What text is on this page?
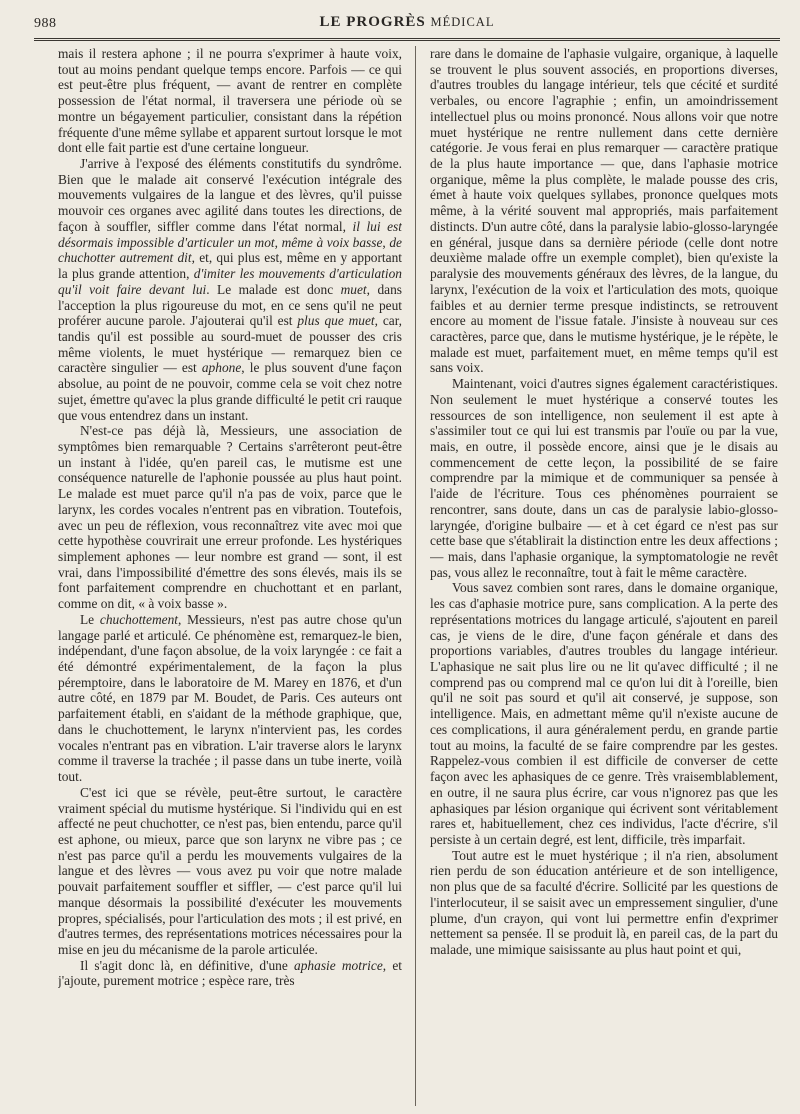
988	LE PROGRÈS MÉDICAL

mais il restera aphone ; il ne pourra s'exprimer à haute voix, tout au moins pendant quelque temps encore. Parfois — ce qui est peut-être plus fréquent, — avant de rentrer en complète possession de l'état normal, il traversera une période où se montre un bégayement particulier, consistant dans la répétion fréquente d'une même syllabe et apparent surtout lorsque le mot dont elle fait partie est d'une certaine longueur.

J'arrive à l'exposé des éléments constitutifs du syndrôme. Bien que le malade ait conservé l'exécution intégrale des mouvements vulgaires de la langue et des lèvres, qu'il puisse mouvoir ces organes avec agilité dans toutes les directions, de façon à souffler, siffler comme dans l'état normal, il lui est désormais impossible d'articuler un mot, même à voix basse, de chuchotter autrement dit, et, qui plus est, même en y apportant la plus grande attention, d'imiter les mouvements d'articulation qu'il voit faire devant lui. Le malade est donc muet, dans l'acception la plus rigoureuse du mot, en ce sens qu'il ne peut proférer aucune parole. J'ajouterai qu'il est plus que muet, car, tandis qu'il est possible au sourd-muet de pousser des cris même violents, le muet hystérique — remarquez bien ce caractère singulier — est aphone, le plus souvent d'une façon absolue, au point de ne pouvoir, comme cela se voit chez notre sujet, émettre qu'avec la plus grande difficulté le petit cri rauque que vous entendrez dans un instant.

N'est-ce pas déjà là, Messieurs, une association de symptômes bien remarquable ? Certains s'arrêteront peut-être un instant à l'idée, qu'en pareil cas, le mutisme est une conséquence naturelle de l'aphonie poussée au plus haut point. Le malade est muet parce qu'il n'a pas de voix, parce que le larynx, les cordes vocales n'entrent pas en vibration. Toutefois, avec un peu de réflexion, vous reconnaîtrez vite avec moi que cette hypothèse couvrirait une erreur profonde. Les hystériques simplement aphones — leur nombre est grand — sont, il est vrai, dans l'impossibilité d'émettre des sons élevés, mais ils se font parfaitement comprendre en chuchottant et en parlant, comme on dit, « à voix basse ».

Le chuchottement, Messieurs, n'est pas autre chose qu'un langage parlé et articulé. Ce phénomène est, remarquez-le bien, indépendant, d'une façon absolue, de la voix laryngée : ce fait a été démontré expérimentalement, de la façon la plus péremptoire, dans le laboratoire de M. Marey en 1876, et d'un autre côté, en 1879 par M. Boudet, de Paris. Ces auteurs ont parfaitement établi, en s'aidant de la méthode graphique, que, dans le chuchottement, le larynx n'intervient pas, les cordes vocales n'entrant pas en vibration. L'air traverse alors le larynx comme il traverse la trachée ; il passe dans un tube inerte, voilà tout.

C'est ici que se révèle, peut-être surtout, le caractère vraiment spécial du mutisme hystérique. Si l'individu qui en est affecté ne peut chuchotter, ce n'est pas, bien entendu, parce qu'il est aphone, ou mieux, parce que son larynx ne vibre pas ; ce n'est pas parce qu'il a perdu les mouvements vulgaires de la langue et des lèvres — vous avez pu voir que notre malade pouvait parfaitement souffler et siffler, — c'est parce qu'il lui manque désormais la possibilité d'exécuter les mouvements propres, spécialisés, pour l'articulation des mots ; il est privé, en d'autres termes, des représentations motrices nécessaires pour la mise en jeu du mécanisme de la parole articulée.

Il s'agit donc là, en définitive, d'une aphasie motrice, et j'ajoute, purement motrice ; espèce rare, très

rare dans le domaine de l'aphasie vulgaire, organique, à laquelle se trouvent le plus souvent associés, en proportions diverses, d'autres troubles du langage intérieur, tels que cécité et surdité verbales, ou encore l'agraphie ; enfin, un amoindrissement intellectuel plus ou moins prononcé. Nous allons voir que notre muet hystérique ne rentre nullement dans cette dernière catégorie. Je vous ferai en plus remarquer — caractère pratique de la plus haute importance — que, dans l'aphasie motrice organique, même la plus complète, le malade pousse des cris, émet à haute voix quelques syllabes, prononce quelques mots même, à la vérité souvent mal appropriés, mais parfaitement distincts. D'un autre côté, dans la paralysie labio-glosso-laryngée en général, jusque dans sa dernière période (celle dont notre deuxième malade offre un exemple complet), bien qu'existe la paralysie des mouvements généraux des lèvres, de la langue, du larynx, l'exécution de la voix et l'articulation des mots, quoique faibles et au dernier terme presque indistincts, se retrouvent encore au moment de l'issue fatale. J'insiste à nouveau sur ces caractères, parce que, dans le mutisme hystérique, je le répète, le malade est muet, parfaitement muet, en même temps qu'il est sans voix.

Maintenant, voici d'autres signes également caractéristiques. Non seulement le muet hystérique a conservé toutes les ressources de son intelligence, non seulement il est apte à s'assimiler tout ce qui lui est transmis par l'ouïe ou par la vue, mais, en outre, il possède encore, ainsi que je le disais au commencement de cette leçon, la possibilité de se faire comprendre par la mimique et de communiquer sa pensée à l'aide de l'écriture. Tous ces phénomènes pourraient se rencontrer, sans doute, dans un cas de paralysie labio-glosso-laryngée, d'origine bulbaire — et à cet égard ce n'est pas sur cette base que s'établirait la distinction entre les deux affections ; — mais, dans l'aphasie organique, la symptomatologie ne revêt pas, vous allez le reconnaître, tout à fait le même caractère.

Vous savez combien sont rares, dans le domaine organique, les cas d'aphasie motrice pure, sans complication. A la perte des représentations motrices du langage articulé, s'ajoutent en pareil cas, je viens de le dire, d'une façon générale et dans des proportions variables, d'autres troubles du langage intérieur. L'aphasique ne sait plus lire ou ne lit qu'avec difficulté ; il ne comprend pas ou comprend mal ce qu'on lui dit à l'oreille, bien qu'il ne soit pas sourd et qu'il ait conservé, je suppose, son intelligence. Mais, en admettant même qu'il n'existe aucune de ces complications, il aura généralement perdu, en grande partie tout au moins, la faculté de se faire comprendre par les gestes. Rappelez-vous combien il est difficile de converser de cette façon avec les aphasiques de ce genre. Très vraisemblablement, en outre, il ne saura plus écrire, car vous n'ignorez pas que les aphasiques par lésion organique qui écrivent sont véritablement rares et, habituellement, chez ces individus, l'acte d'écrire, s'il persiste à un certain degré, est lent, difficile, très imparfait.

Tout autre est le muet hystérique ; il n'a rien, absolument rien perdu de son éducation antérieure et de son intelligence, non plus que de sa faculté d'écrire. Sollicité par les questions de l'interlocuteur, il se saisit avec un empressement singulier, d'une plume, d'un crayon, qui vont lui permettre enfin d'exprimer nettement sa pensée. Il se produit là, en pareil cas, de la part du malade, une mimique saisissante au plus haut point et qui,
